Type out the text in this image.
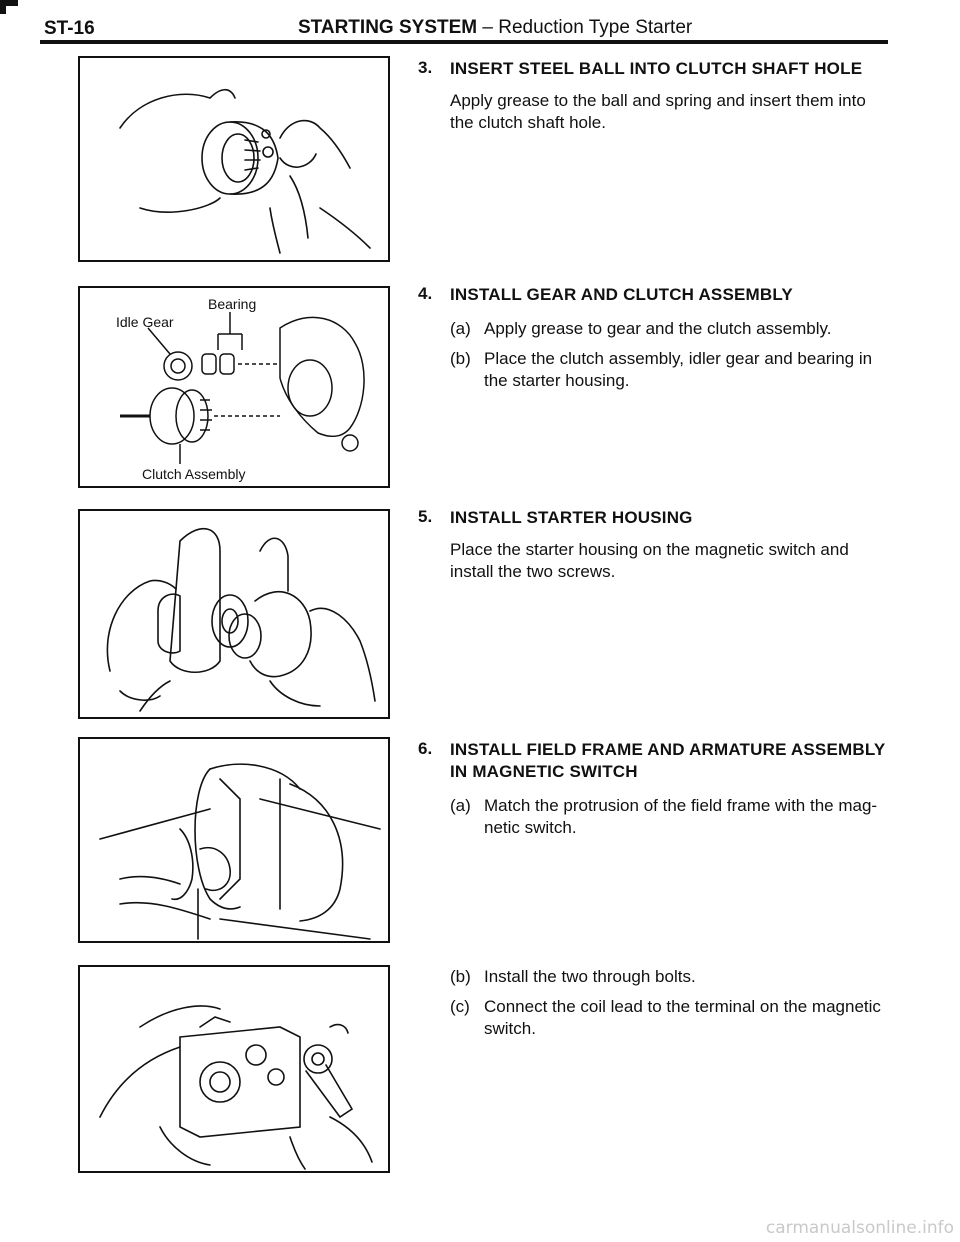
ST-16	STARTING SYSTEM – Reduction Type Starter
Bearing
Idle Gear
Clutch Assembly
3. INSERT STEEL BALL INTO CLUTCH SHAFT HOLE
Apply grease to the ball and spring and insert them into the clutch shaft hole.
4. INSTALL GEAR AND CLUTCH ASSEMBLY
(a) Apply grease to gear and the clutch assembly.
(b) Place the clutch assembly, idler gear and bearing in the starter housing.
5. INSTALL STARTER HOUSING
Place the starter housing on the magnetic switch and install the two screws.
6. INSTALL FIELD FRAME AND ARMATURE ASSEMBLY IN MAGNETIC SWITCH
(a) Match the protrusion of the field frame with the mag-netic switch.
(b) Install the two through bolts.
(c) Connect the coil lead to the terminal on the magnetic switch.
carmanualsonline.info
